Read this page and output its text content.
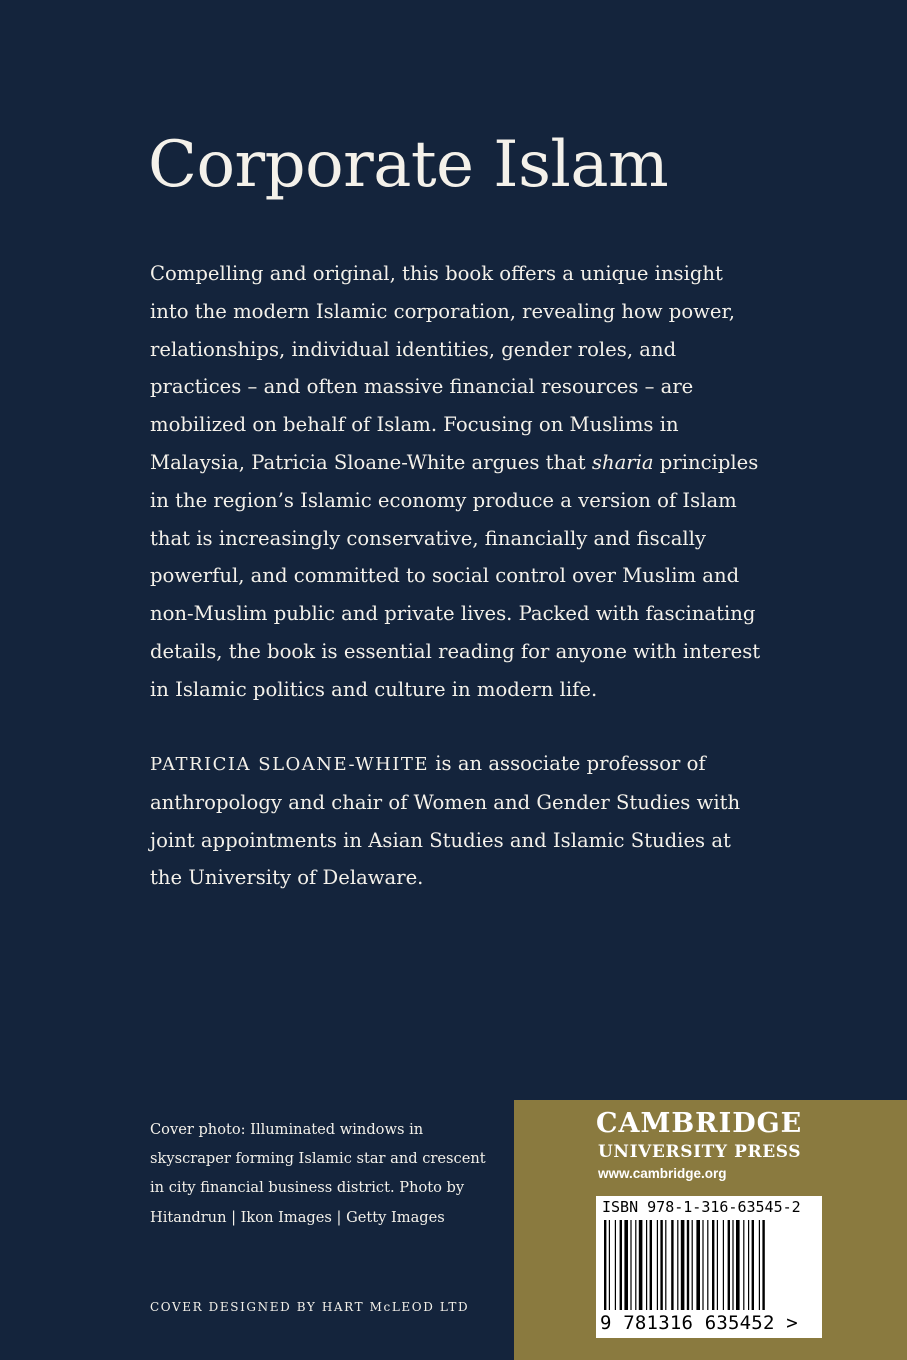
Corporate Islam
Compelling and original, this book offers a unique insight
into the modern Islamic corporation, revealing how power,
relationships, individual identities, gender roles, and
practices – and often massive financial resources – are
mobilized on behalf of Islam. Focusing on Muslims in
Malaysia, Patricia Sloane-White argues that sharia principles
in the region’s Islamic economy produce a version of Islam
that is increasingly conservative, financially and fiscally
powerful, and committed to social control over Muslim and
non-Muslim public and private lives. Packed with fascinating
details, the book is essential reading for anyone with interest
in Islamic politics and culture in modern life.
PATRICIA SLOANE-WHITE is an associate professor of
anthropology and chair of Women and Gender Studies with
joint appointments in Asian Studies and Islamic Studies at
the University of Delaware.
Cover photo: Illuminated windows in
skyscraper forming Islamic star and crescent
in city financial business district. Photo by
Hitandrun | Ikon Images | Getty Images
COVER DESIGNED BY HART McLEOD LTD
CAMBRIDGE
UNIVERSITY PRESS
www.cambridge.org
ISBN 978-1-316-63545-2
9 781316 635452 >
